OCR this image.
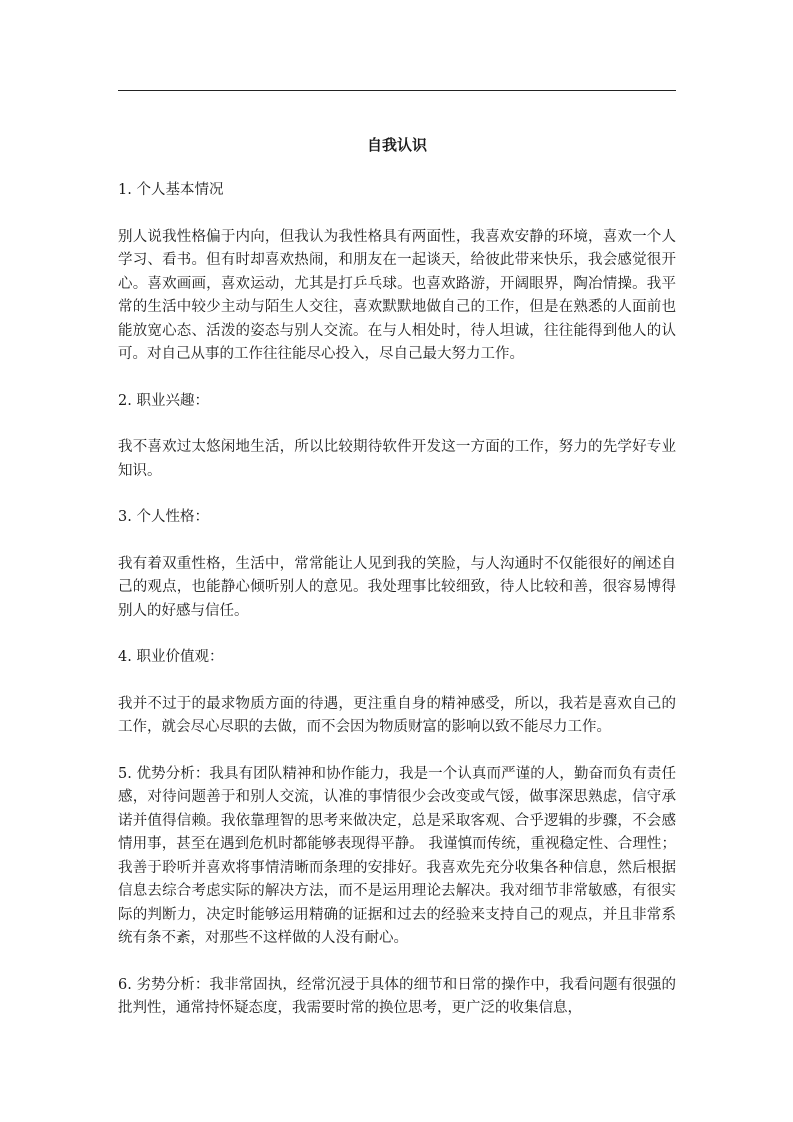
自我认识
1. 个人基本情况
别人说我性格偏于内向，但我认为我性格具有两面性，我喜欢安静的环境，喜欢一个人学习、看书。但有时却喜欢热闹，和朋友在一起谈天，给彼此带来快乐，我会感觉很开心。喜欢画画，喜欢运动，尤其是打乒乓球。也喜欢路游，开阔眼界，陶冶情操。我平常的生活中较少主动与陌生人交往，喜欢默默地做自己的工作，但是在熟悉的人面前也能放宽心态、活泼的姿态与别人交流。在与人相处时，待人坦诚，往往能得到他人的认可。对自己从事的工作往往能尽心投入，尽自己最大努力工作。
2. 职业兴趣：
我不喜欢过太悠闲地生活，所以比较期待软件开发这一方面的工作，努力的先学好专业知识。
3. 个人性格：
我有着双重性格，生活中，常常能让人见到我的笑脸，与人沟通时不仅能很好的阐述自己的观点，也能静心倾听别人的意见。我处理事比较细致，待人比较和善，很容易博得别人的好感与信任。
4. 职业价值观：
我并不过于的最求物质方面的待遇，更注重自身的精神感受，所以，我若是喜欢自己的工作，就会尽心尽职的去做，而不会因为物质财富的影响以致不能尽力工作。
5. 优势分析：我具有团队精神和协作能力，我是一个认真而严谨的人，勤奋而负有责任感，对待问题善于和别人交流，认准的事情很少会改变或气馁，做事深思熟虑，信守承诺并值得信赖。我依靠理智的思考来做决定，总是采取客观、合乎逻辑的步骤，不会感情用事，甚至在遇到危机时都能够表现得平静。 我谨慎而传统，重视稳定性、合理性；我善于聆听并喜欢将事情清晰而条理的安排好。我喜欢先充分收集各种信息，然后根据信息去综合考虑实际的解决方法，而不是运用理论去解决。我对细节非常敏感，有很实际的判断力，决定时能够运用精确的证据和过去的经验来支持自己的观点，并且非常系统有条不紊，对那些不这样做的人没有耐心。
6. 劣势分析：我非常固执，经常沉浸于具体的细节和日常的操作中，我看问题有很强的批判性，通常持怀疑态度，我需要时常的换位思考，更广泛的收集信息，
